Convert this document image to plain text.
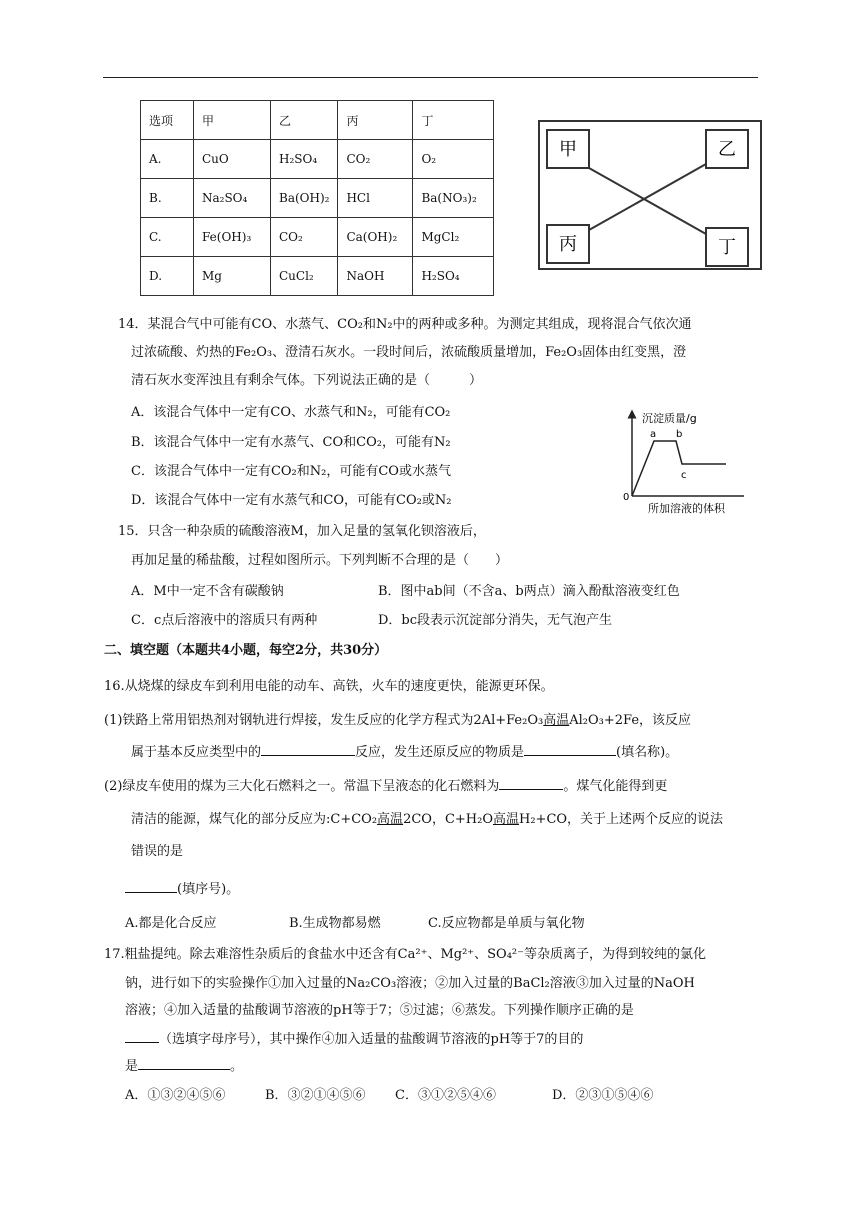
选项	甲	乙	丙	丁
A.	CuO	H₂SO₄	CO₂	O₂
B.	Na₂SO₄	Ba(OH)₂	HCl	Ba(NO₃)₂
C.	Fe(OH)₃	CO₂	Ca(OH)₂	MgCl₂
D.	Mg	CuCl₂	NaOH	H₂SO₄
甲	乙
丙	丁
14．某混合气中可能有CO、水蒸气、CO₂和N₂中的两种或多种。为测定其组成，现将混合气依次通
过浓硫酸、灼热的Fe₂O₃、澄清石灰水。一段时间后，浓硫酸质量增加，Fe₂O₃固体由红变黑，澄
清石灰水变浑浊且有剩余气体。下列说法正确的是（　　　）
A．该混合气体中一定有CO、水蒸气和N₂，可能有CO₂
B．该混合气体中一定有水蒸气、CO和CO₂，可能有N₂
C．该混合气体中一定有CO₂和N₂，可能有CO或水蒸气
D．该混合气体中一定有水蒸气和CO，可能有CO₂或N₂
沉淀质量/g
所加溶液的体积
0
a b
c
15．只含一种杂质的硫酸溶液M，加入足量的氢氧化钡溶液后，
再加足量的稀盐酸，过程如图所示。下列判断不合理的是（　　）
A．M中一定不含有碳酸钠	B．图中ab间（不含a、b两点）滴入酚酞溶液变红色
C．c点后溶液中的溶质只有两种	D．bc段表示沉淀部分消失，无气泡产生
二、填空题（本题共4小题，每空2分，共30分）
16.从烧煤的绿皮车到利用电能的动车、高铁，火车的速度更快，能源更环保。
(1)铁路上常用铝热剂对钢轨进行焊接，发生反应的化学方程式为2Al+Fe₂O₃高温Al₂O₃+2Fe，该反应
属于基本反应类型中的	反应，发生还原反应的物质是	(填名称)。
(2)绿皮车使用的煤为三大化石燃料之一。常温下呈液态的化石燃料为	。煤气化能得到更
清洁的能源，煤气化的部分反应为:C+CO₂高温2CO，C+H₂O高温H₂+CO，关于上述两个反应的说法
错误的是
(填序号)。
A.都是化合反应	B.生成物都易燃	C.反应物都是单质与氧化物
17.粗盐提纯。除去难溶性杂质后的食盐水中还含有Ca²⁺、Mg²⁺、SO₄²⁻等杂质离子，为得到较纯的氯化
钠，进行如下的实验操作①加入过量的Na₂CO₃溶液；②加入过量的BaCl₂溶液③加入过量的NaOH
溶液；④加入适量的盐酸调节溶液的pH等于7；⑤过滤；⑥蒸发。下列操作顺序正确的是
（选填字母序号），其中操作④加入适量的盐酸调节溶液的pH等于7的目的
是	。
A．①③②④⑤⑥	B．③②①④⑤⑥ C．③①②⑤④⑥	D．②③①⑤④⑥
